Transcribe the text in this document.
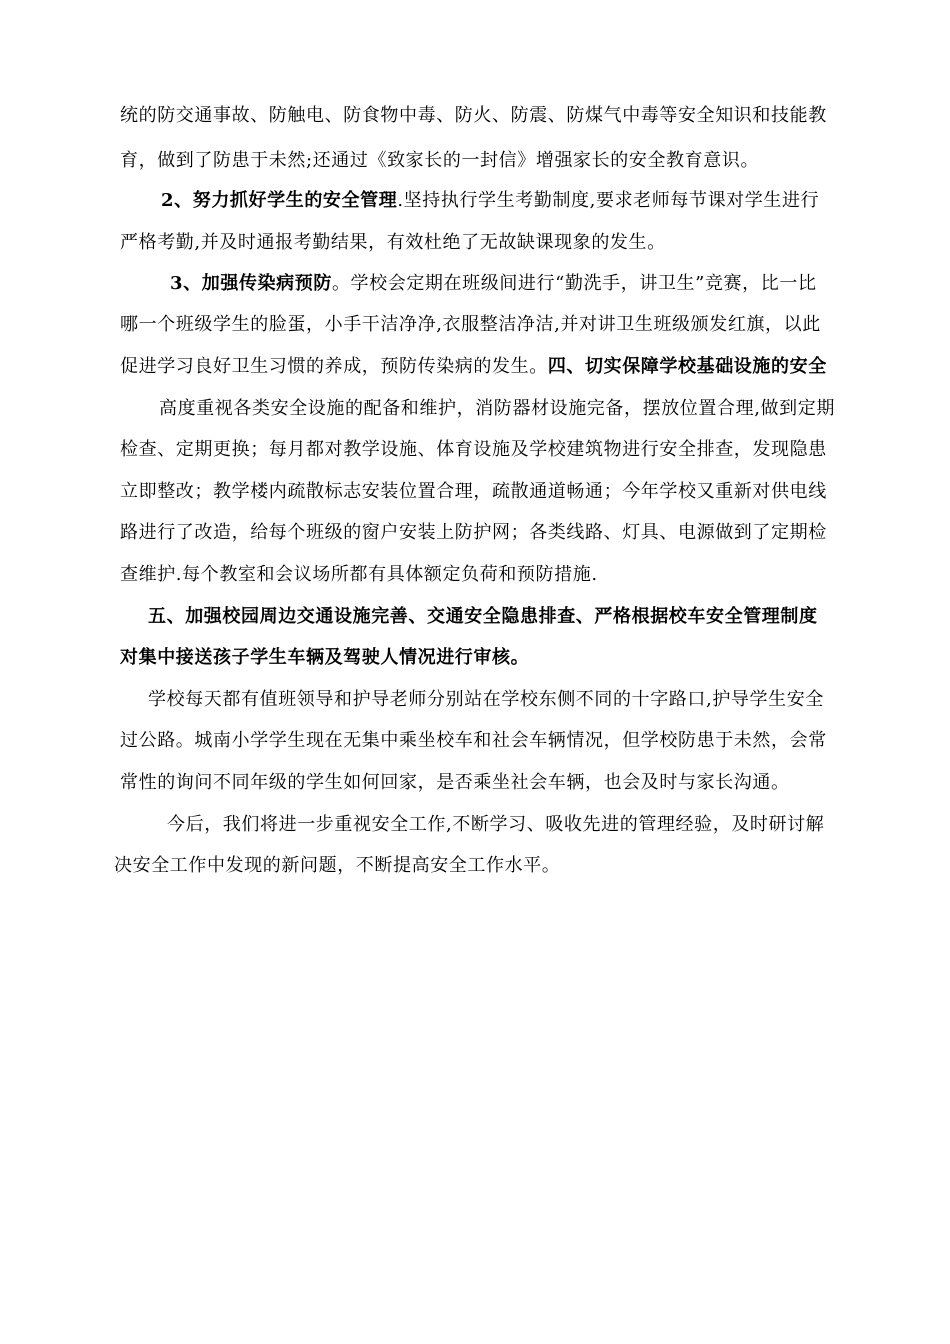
统的防交通事故、防触电、防食物中毒、防火、防震、防煤气中毒等安全知识和技能教
育，做到了防患于未然;还通过《致家长的一封信》增强家长的安全教育意识。
2、努力抓好学生的安全管理.坚持执行学生考勤制度,要求老师每节课对学生进行
严格考勤,并及时通报考勤结果，有效杜绝了无故缺课现象的发生。
3、加强传染病预防。学校会定期在班级间进行“勤洗手，讲卫生”竞赛，比一比
哪一个班级学生的脸蛋，小手干洁净净,衣服整洁净洁,并对讲卫生班级颁发红旗，以此
促进学习良好卫生习惯的养成，预防传染病的发生。四、切实保障学校基础设施的安全
高度重视各类安全设施的配备和维护，消防器材设施完备，摆放位置合理,做到定期
检查、定期更换；每月都对教学设施、体育设施及学校建筑物进行安全排查，发现隐患
立即整改；教学楼内疏散标志安装位置合理，疏散通道畅通；今年学校又重新对供电线
路进行了改造，给每个班级的窗户安装上防护网；各类线路、灯具、电源做到了定期检
查维护.每个教室和会议场所都有具体额定负荷和预防措施.
五、加强校园周边交通设施完善、交通安全隐患排查、严格根据校车安全管理制度
对集中接送孩子学生车辆及驾驶人情况进行审核。
学校每天都有值班领导和护导老师分别站在学校东侧不同的十字路口,护导学生安全
过公路。城南小学学生现在无集中乘坐校车和社会车辆情况，但学校防患于未然，会常
常性的询问不同年级的学生如何回家，是否乘坐社会车辆，也会及时与家长沟通。
今后，我们将进一步重视安全工作,不断学习、吸收先进的管理经验，及时研讨解
决安全工作中发现的新问题，不断提高安全工作水平。
